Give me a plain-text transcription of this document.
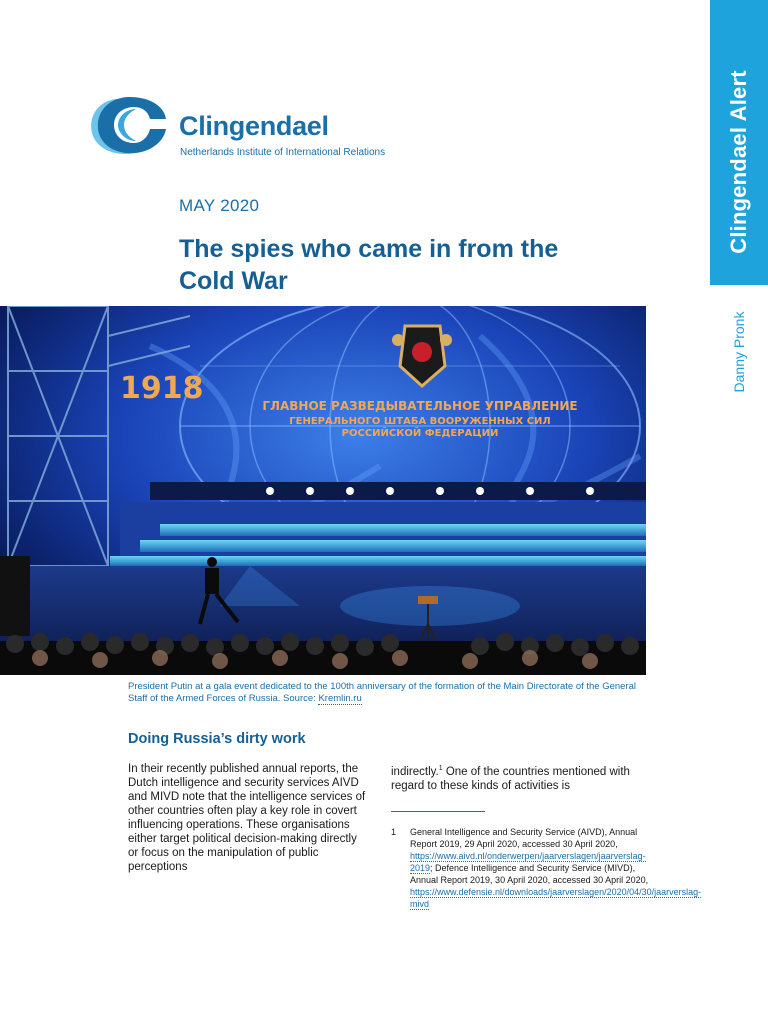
Clingendael Alert
Danny Pronk
Clingendael
Netherlands Institute of International Relations
MAY 2020
The spies who came in from the Cold War
1918	ГЛАВНОЕ РАЗВЕДЫВАТЕЛЬНОЕ УПРАВЛЕНИЕ
ГЕНЕРАЛЬНОГО ШТАБА ВООРУЖЕННЫХ СИЛ
РОССИЙСКОЙ ФЕДЕРАЦИИ
President Putin at a gala event dedicated to the 100th anniversary of the formation of the Main Directorate of the General Staff of the Armed Forces of Russia. Source: Kremlin.ru
Doing Russia’s dirty work
In their recently published annual reports, the Dutch intelligence and security services AIVD and MIVD note that the intelligence services of other countries often play a key role in covert influencing operations. These organisations either target political decision-making directly or focus on the manipulation of public perceptions
indirectly.$^1$ One of the countries mentioned with regard to these kinds of activities is
1 General Intelligence and Security Service (AIVD), Annual Report 2019, 29 April 2020, accessed 30 April 2020, https://www.aivd.nl/onderwerpen/jaarverslagen/jaarverslag-2019; Defence Intelligence and Security Service (MIVD), Annual Report 2019, 30 April 2020, accessed 30 April 2020, https://www.defensie.nl/downloads/jaarverslagen/2020/04/30/jaarverslag-mivd
